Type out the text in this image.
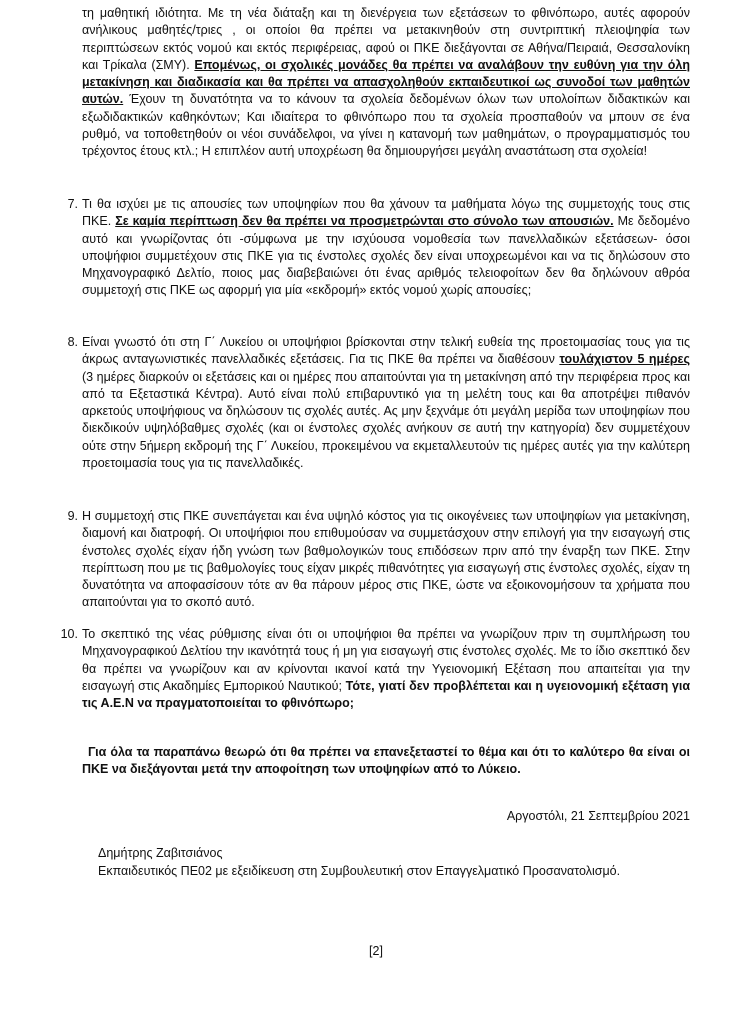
τη μαθητική ιδιότητα. Με τη νέα διάταξη και τη διενέργεια των εξετάσεων το φθινόπωρο, αυτές αφορούν ανήλικους μαθητές/τριες , οι οποίοι θα πρέπει να μετακινηθούν στη συντριπτική πλειοψηφία των περιπτώσεων εκτός νομού και εκτός περιφέρειας, αφού οι ΠΚΕ διεξάγονται σε Αθήνα/Πειραιά, Θεσσαλονίκη και Τρίκαλα (ΣΜΥ). Επομένως, οι σχολικές μονάδες θα πρέπει να αναλάβουν την ευθύνη για την όλη μετακίνηση και διαδικασία και θα πρέπει να απασχοληθούν εκπαιδευτικοί ως συνοδοί των μαθητών αυτών. Έχουν τη δυνατότητα να το κάνουν τα σχολεία δεδομένων όλων των υπολοίπων διδακτικών και εξωδιδακτικών καθηκόντων; Και ιδιαίτερα το φθινόπωρο που τα σχολεία προσπαθούν να μπουν σε ένα ρυθμό, να τοποθετηθούν οι νέοι συνάδελφοι, να γίνει η κατανομή των μαθημάτων, ο προγραμματισμός του τρέχοντος έτους κτλ.; Η επιπλέον αυτή υποχρέωση θα δημιουργήσει μεγάλη αναστάτωση στα σχολεία!
7. Τι θα ισχύει με τις απουσίες των υποψηφίων που θα χάνουν τα μαθήματα λόγω της συμμετοχής τους στις ΠΚΕ. Σε καμία περίπτωση δεν θα πρέπει να προσμετρώνται στο σύνολο των απουσιών. Με δεδομένο αυτό και γνωρίζοντας ότι -σύμφωνα με την ισχύουσα νομοθεσία των πανελλαδικών εξετάσεων- όσοι υποψήφιοι συμμετέχουν στις ΠΚΕ για τις ένστολες σχολές δεν είναι υποχρεωμένοι και να τις δηλώσουν στο Μηχανογραφικό Δελτίο, ποιος μας διαβεβαιώνει ότι ένας αριθμός τελειοφοίτων δεν θα δηλώνουν αθρόα συμμετοχή στις ΠΚΕ ως αφορμή για μία «εκδρομή» εκτός νομού χωρίς απουσίες;
8. Είναι γνωστό ότι στη Γ΄ Λυκείου οι υποψήφιοι βρίσκονται στην τελική ευθεία της προετοιμασίας τους για τις άκρως ανταγωνιστικές πανελλαδικές εξετάσεις. Για τις ΠΚΕ θα πρέπει να διαθέσουν τουλάχιστον 5 ημέρες (3 ημέρες διαρκούν οι εξετάσεις και οι ημέρες που απαιτούνται για τη μετακίνηση από την περιφέρεια προς και από τα Εξεταστικά Κέντρα). Αυτό είναι πολύ επιβαρυντικό για τη μελέτη τους και θα αποτρέψει πιθανόν αρκετούς υποψήφιους να δηλώσουν τις σχολές αυτές. Ας μην ξεχνάμε ότι μεγάλη μερίδα των υποψηφίων που διεκδικούν υψηλόβαθμες σχολές (και οι ένστολες σχολές ανήκουν σε αυτή την κατηγορία) δεν συμμετέχουν ούτε στην 5ήμερη εκδρομή της Γ΄ Λυκείου, προκειμένου να εκμεταλλευτούν τις ημέρες αυτές για την καλύτερη προετοιμασία τους για τις πανελλαδικές.
9. Η συμμετοχή στις ΠΚΕ συνεπάγεται και ένα υψηλό κόστος για τις οικογένειες των υποψηφίων για μετακίνηση, διαμονή και διατροφή. Οι υποψήφιοι που επιθυμούσαν να συμμετάσχουν στην επιλογή για την εισαγωγή στις ένστολες σχολές είχαν ήδη γνώση των βαθμολογικών τους επιδόσεων πριν από την έναρξη των ΠΚΕ. Στην περίπτωση που με τις βαθμολογίες τους είχαν μικρές πιθανότητες για εισαγωγή στις ένστολες σχολές, είχαν τη δυνατότητα να αποφασίσουν τότε αν θα πάρουν μέρος στις ΠΚΕ, ώστε να εξοικονομήσουν τα χρήματα που απαιτούνται για το σκοπό αυτό.
10. Το σκεπτικό της νέας ρύθμισης είναι ότι οι υποψήφιοι θα πρέπει να γνωρίζουν πριν τη συμπλήρωση του Μηχανογραφικού Δελτίου την ικανότητά τους ή μη για εισαγωγή στις ένστολες σχολές. Με το ίδιο σκεπτικό δεν θα πρέπει να γνωρίζουν και αν κρίνονται ικανοί κατά την Υγειονομική Εξέταση που απαιτείται για την εισαγωγή στις Ακαδημίες Εμπορικού Ναυτικού; Τότε, γιατί δεν προβλέπεται και η υγειονομική εξέταση για τις Α.Ε.Ν να πραγματοποιείται το φθινόπωρο;
Για όλα τα παραπάνω θεωρώ ότι θα πρέπει να επανεξεταστεί το θέμα και ότι το καλύτερο θα είναι οι ΠΚΕ να διεξάγονται μετά την αποφοίτηση των υποψηφίων από το Λύκειο.
Αργοστόλι, 21 Σεπτεμβρίου 2021
Δημήτρης Ζαβιτσιάνος
Εκπαιδευτικός ΠΕ02 με εξειδίκευση στη Συμβουλευτική στον Επαγγελματικό Προσανατολισμό.
[2]
